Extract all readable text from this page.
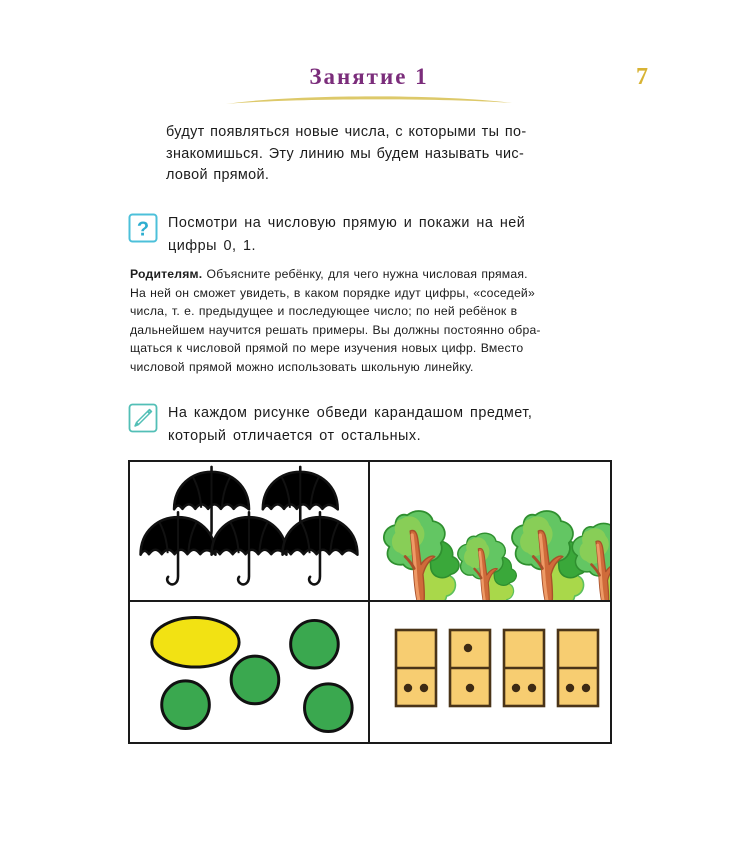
Занятие 1	7
будут появляться новые числа, с которыми ты по-
знакомишься. Эту линию мы будем называть чис-
ловой прямой.
? Посмотри на числовую прямую и покажи на ней
цифры 0, 1.
Родителям. Объясните ребёнку, для чего нужна числовая прямая.
На ней он сможет увидеть, в каком порядке идут цифры, «соседей»
числа, т. е. предыдущее и последующее число; по ней ребёнок в
дальнейшем научится решать примеры. Вы должны постоянно обра-
щаться к числовой прямой по мере изучения новых цифр. Вместо
числовой прямой можно использовать школьную линейку.
На каждом рисунке обведи карандашом предмет,
который отличается от остальных.
